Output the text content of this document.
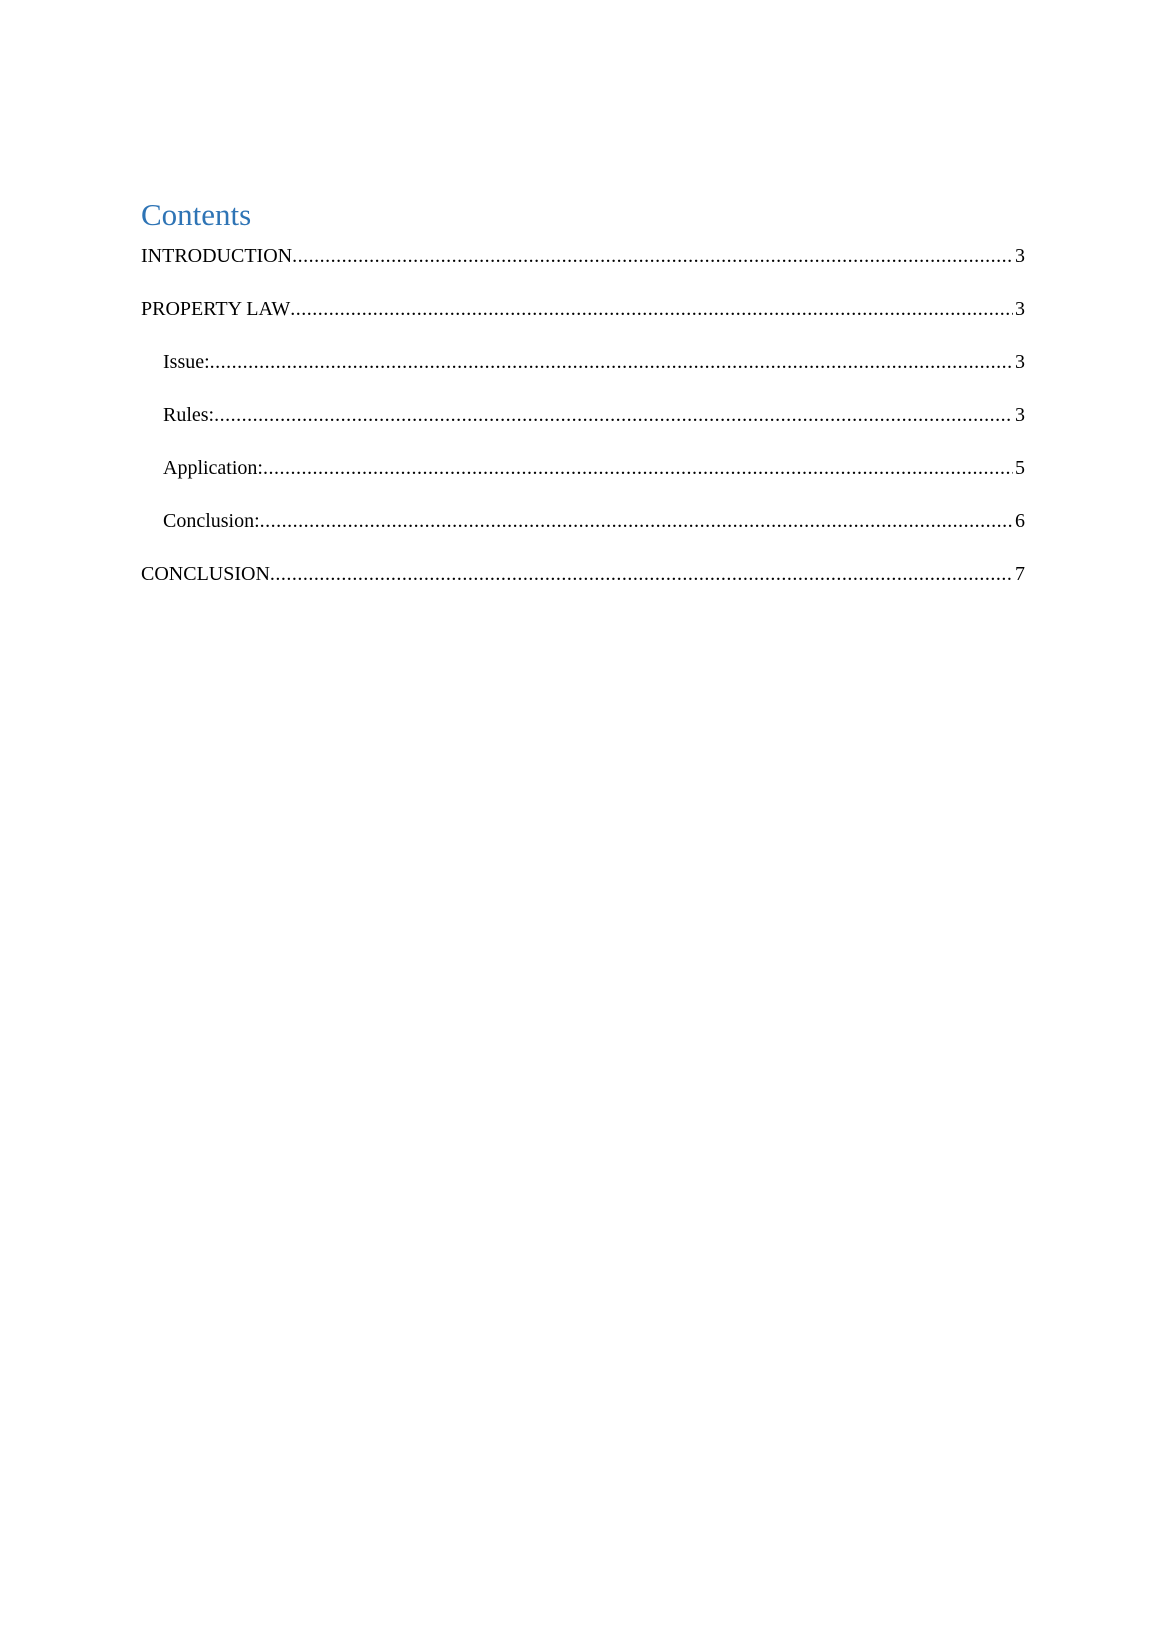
Contents
INTRODUCTION .....	3
PROPERTY LAW .....	3
Issue: .....	3
Rules: .....	3
Application: .....	5
Conclusion: .....	6
CONCLUSION .....	7
